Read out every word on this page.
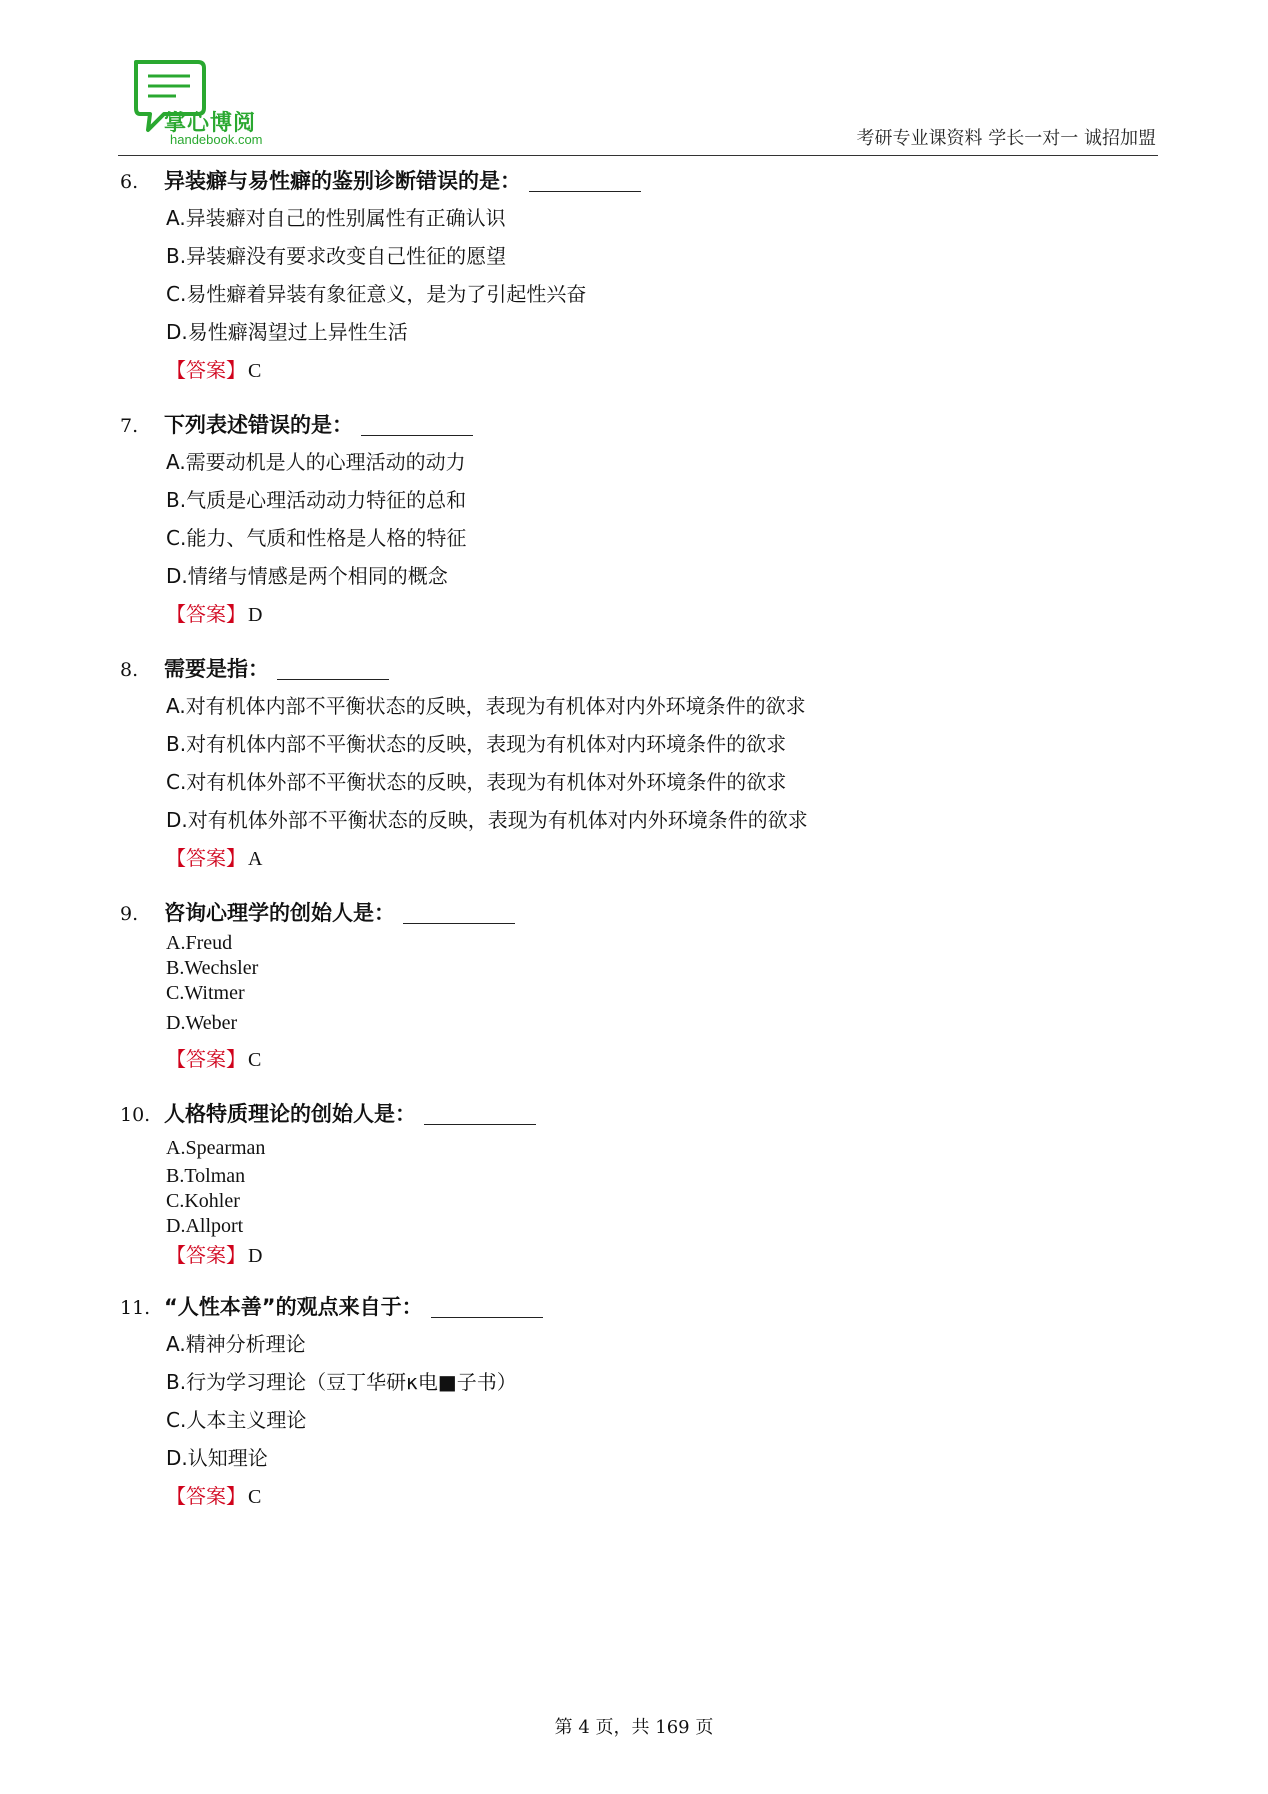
掌心博阅
handebook.com	考研专业课资料 学长一对一 诚招加盟
6.	异装癖与易性癖的鉴别诊断错误的是：
A.异装癖对自己的性别属性有正确认识
B.异装癖没有要求改变自己性征的愿望
C.易性癖着异装有象征意义，是为了引起性兴奋
D.易性癖渴望过上异性生活
【答案】 C
7.	下列表述错误的是：
A.需要动机是人的心理活动的动力
B.气质是心理活动动力特征的总和
C.能力、气质和性格是人格的特征
D.情绪与情感是两个相同的概念
【答案】 D
8.	需要是指：
A.对有机体内部不平衡状态的反映，表现为有机体对内外环境条件的欲求
B.对有机体内部不平衡状态的反映，表现为有机体对内环境条件的欲求
C.对有机体外部不平衡状态的反映，表现为有机体对外环境条件的欲求
D.对有机体外部不平衡状态的反映，表现为有机体对内外环境条件的欲求
【答案】 A
9.	咨询心理学的创始人是：
A.Freud
B.Wechsler
C.Witmer
D.Weber
【答案】 C
10. 人格特质理论的创始人是：
A.Spearman
B.Tolman
C.Kohler
D.Allport
【答案】 D
11. “人性本善”的观点来自于：
A.精神分析理论
B.行为学习理论（豆丁华研κ电■子书）
C.人本主义理论
D.认知理论
【答案】 C
第 4 页，共 169 页
